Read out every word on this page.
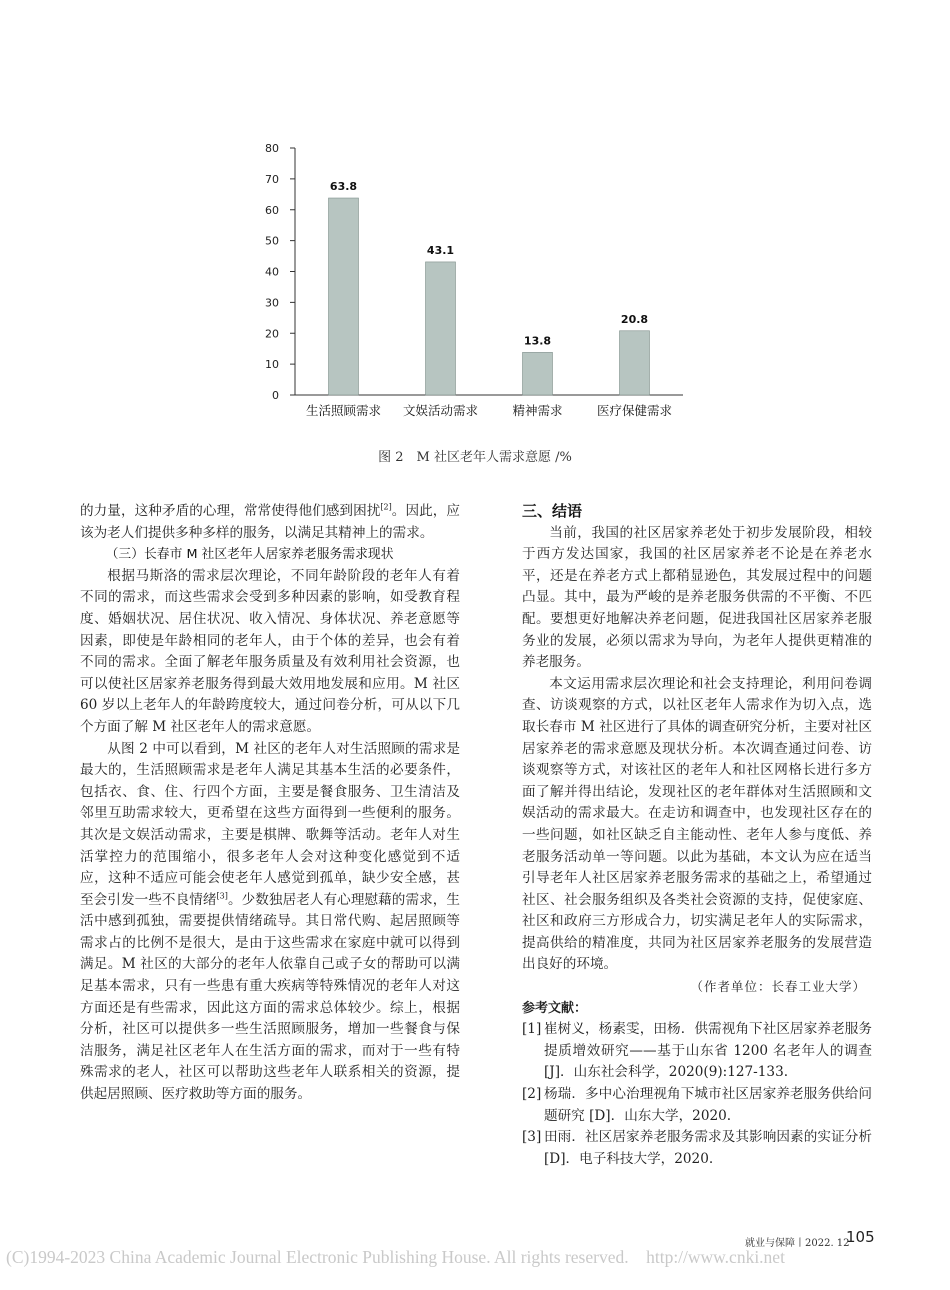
0
10
20
30
40
50
60
70
80
63.8
43.1
13.8
20.8
生活照顾需求 文娱活动需求	精神需求	医疗保健需求
图 2　M 社区老年人需求意愿 /%

的力量，这种矛盾的心理，常常使得他们感到困扰[2]。因此，应该为老人们提供多种多样的服务，以满足其精神上的需求。

（三）长春市 M 社区老年人居家养老服务需求现状

根据马斯洛的需求层次理论，不同年龄阶段的老年人有着不同的需求，而这些需求会受到多种因素的影响，如受教育程度、婚姻状况、居住状况、收入情况、身体状况、养老意愿等因素，即使是年龄相同的老年人，由于个体的差异，也会有着不同的需求。全面了解老年服务质量及有效利用社会资源，也可以使社区居家养老服务得到最大效用地发展和应用。M 社区 60 岁以上老年人的年龄跨度较大，通过问卷分析，可从以下几个方面了解 M 社区老年人的需求意愿。

从图 2 中可以看到，M 社区的老年人对生活照顾的需求是最大的，生活照顾需求是老年人满足其基本生活的必要条件，包括衣、食、住、行四个方面，主要是餐食服务、卫生清洁及邻里互助需求较大，更希望在这些方面得到一些便利的服务。其次是文娱活动需求，主要是棋牌、歌舞等活动。老年人对生活掌控力的范围缩小，很多老年人会对这种变化感觉到不适应，这种不适应可能会使老年人感觉到孤单，缺少安全感，甚至会引发一些不良情绪[3]。少数独居老人有心理慰藉的需求，生活中感到孤独，需要提供情绪疏导。其日常代购、起居照顾等需求占的比例不是很大，是由于这些需求在家庭中就可以得到满足。M 社区的大部分的老年人依靠自己或子女的帮助可以满足基本需求，只有一些患有重大疾病等特殊情况的老年人对这方面还是有些需求，因此这方面的需求总体较少。综上，根据分析，社区可以提供多一些生活照顾服务，增加一些餐食与保洁服务，满足社区老年人在生活方面的需求，而对于一些有特殊需求的老人，社区可以帮助这些老年人联系相关的资源，提供起居照顾、医疗救助等方面的服务。

三、结语

当前，我国的社区居家养老处于初步发展阶段，相较于西方发达国家，我国的社区居家养老不论是在养老水平，还是在养老方式上都稍显逊色，其发展过程中的问题凸显。其中，最为严峻的是养老服务供需的不平衡、不匹配。要想更好地解决养老问题，促进我国社区居家养老服务业的发展，必须以需求为导向，为老年人提供更精准的养老服务。

本文运用需求层次理论和社会支持理论，利用问卷调查、访谈观察的方式，以社区老年人需求作为切入点，选取长春市 M 社区进行了具体的调查研究分析，主要对社区居家养老的需求意愿及现状分析。本次调查通过问卷、访谈观察等方式，对该社区的老年人和社区网格长进行多方面了解并得出结论，发现社区的老年群体对生活照顾和文娱活动的需求最大。在走访和调查中，也发现社区存在的一些问题，如社区缺乏自主能动性、老年人参与度低、养老服务活动单一等问题。以此为基础，本文认为应在适当引导老年人社区居家养老服务需求的基础之上，希望通过社区、社会服务组织及各类社会资源的支持，促使家庭、社区和政府三方形成合力，切实满足老年人的实际需求，提高供给的精准度，共同为社区居家养老服务的发展营造出良好的环境。

（作者单位：长春工业大学）

参考文献：

[1] 崔树义，杨素雯，田杨．供需视角下社区居家养老服务提质增效研究——基于山东省 1200 名老年人的调查 [J]．山东社会科学，2020(9):127-133.
[2] 杨瑞．多中心治理视角下城市社区居家养老服务供给问题研究 [D]．山东大学，2020.
[3] 田雨．社区居家养老服务需求及其影响因素的实证分析 [D]．电子科技大学，2020.
就业与保障丨2022. 12
105
(C)1994-2023 China Academic Journal Electronic Publishing House. All rights reserved.　http://www.cnki.net
